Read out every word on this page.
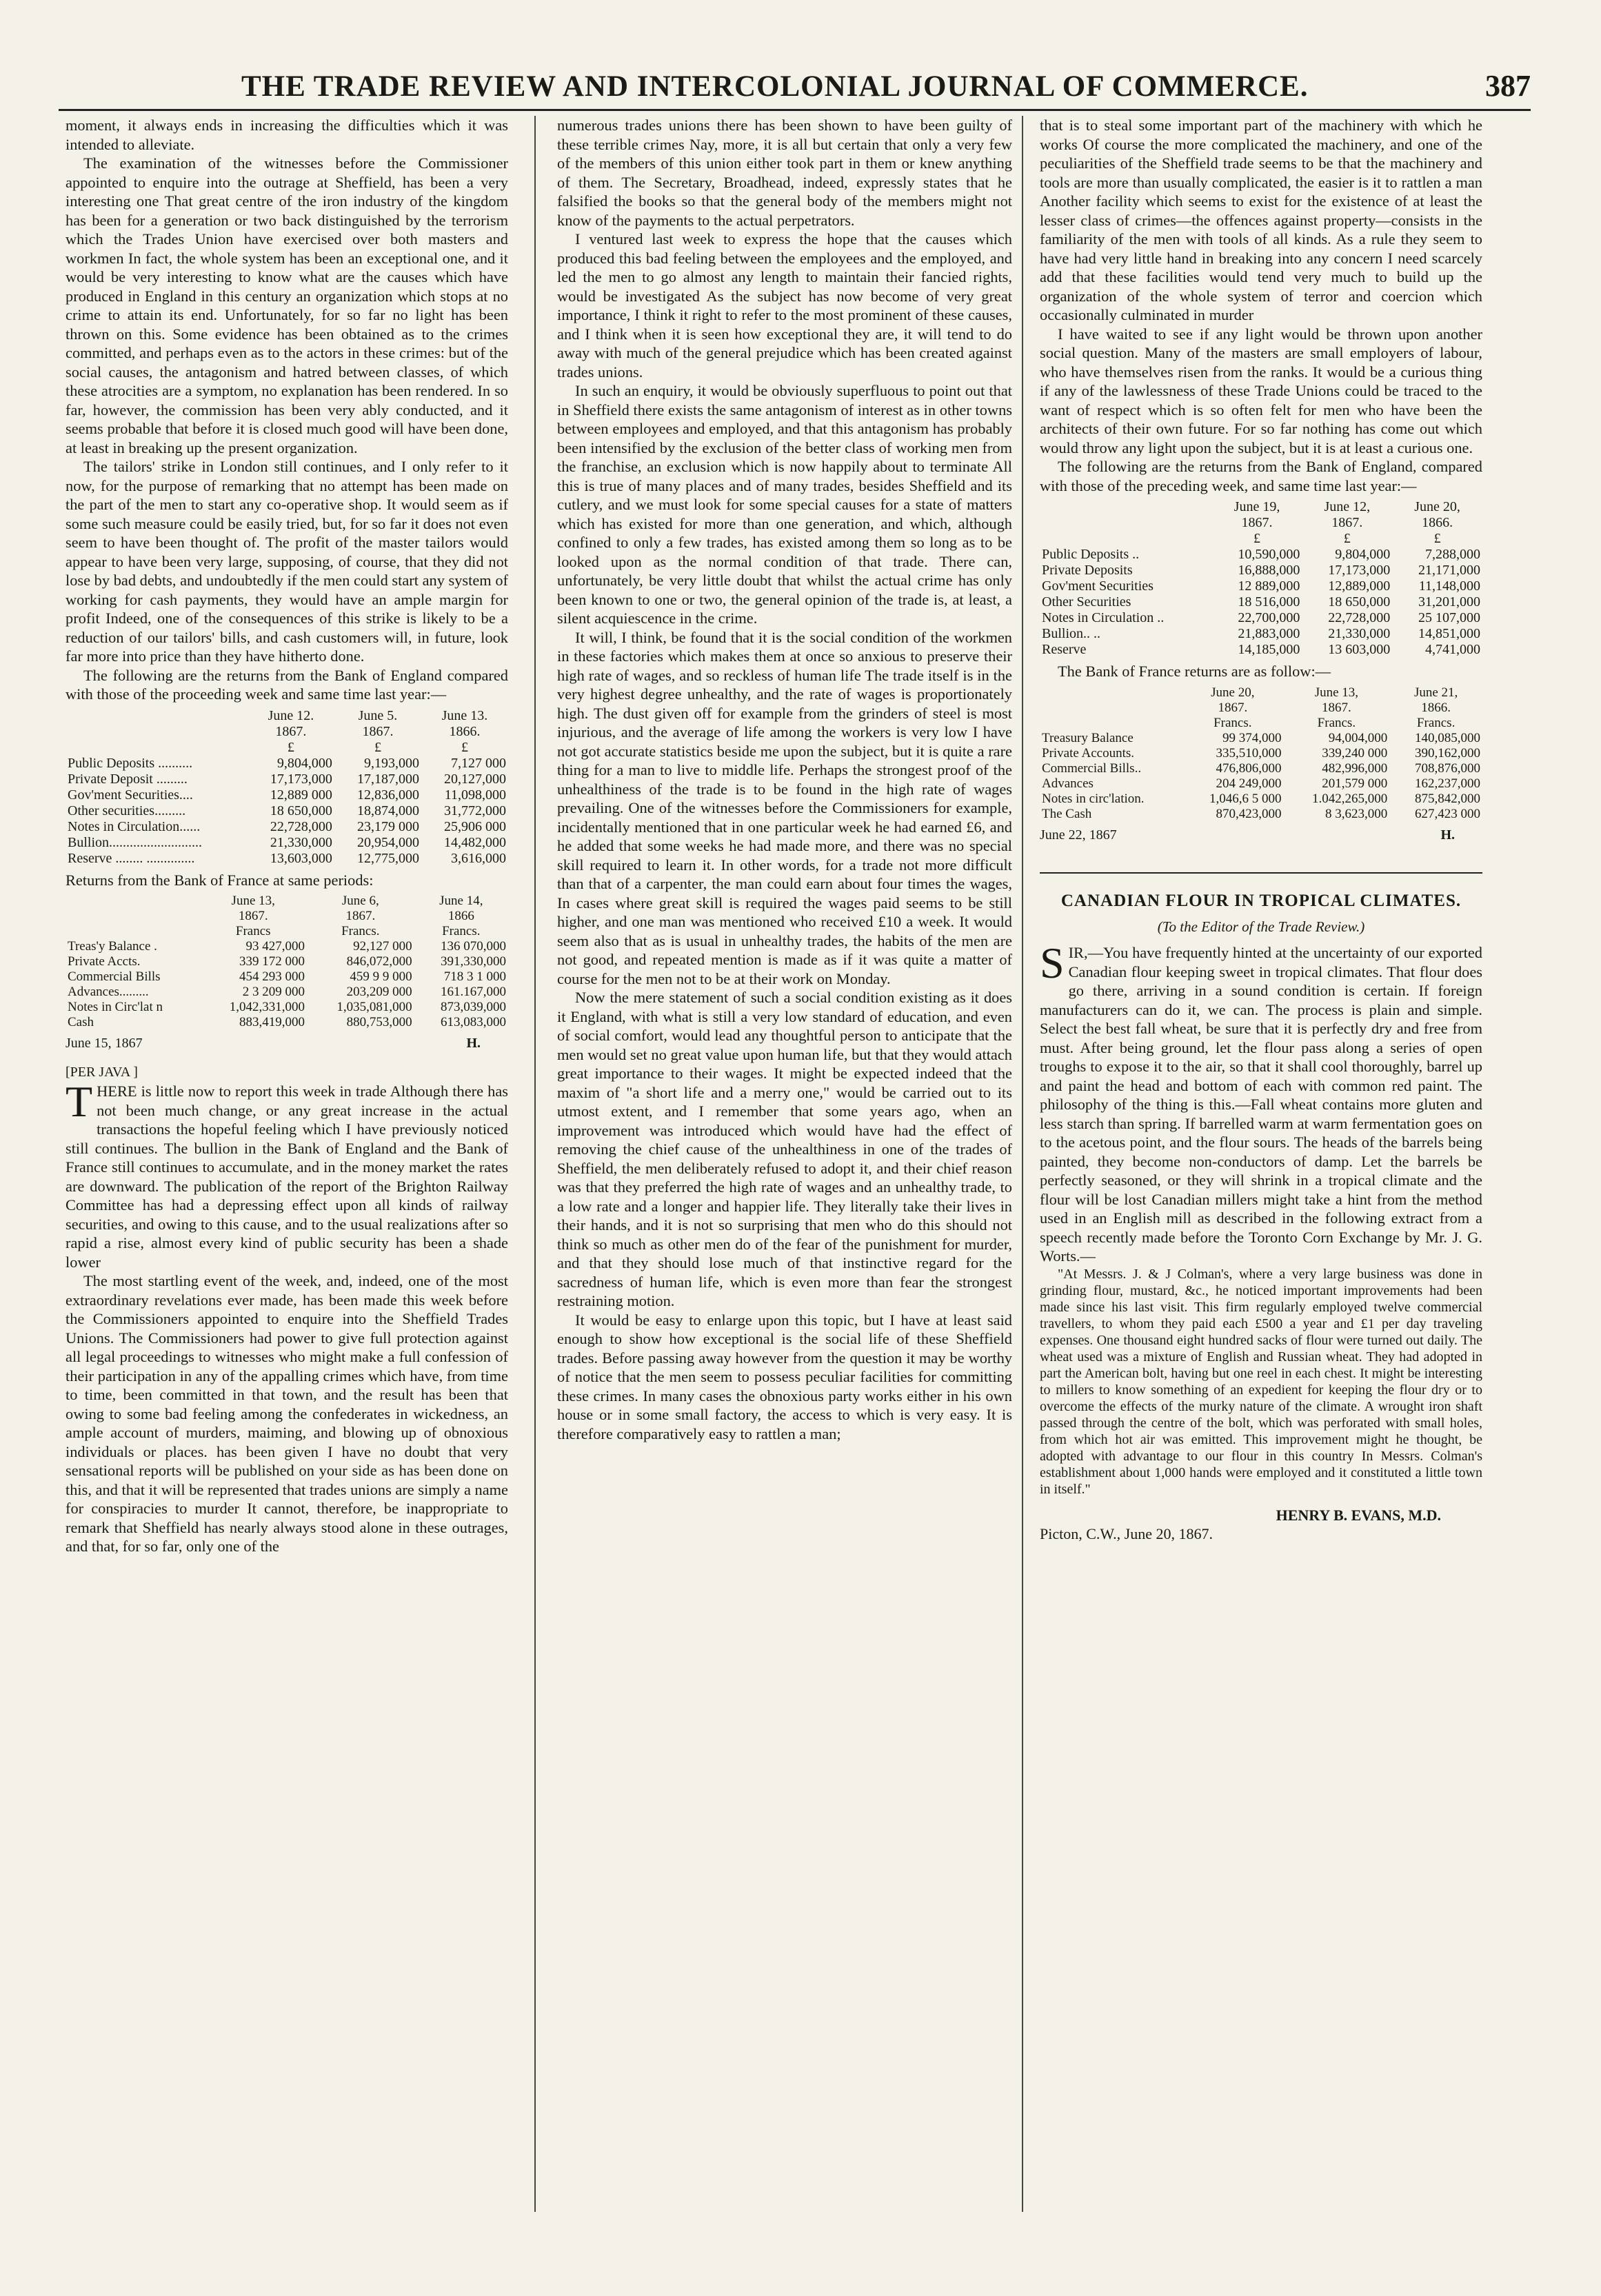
THE TRADE REVIEW AND INTERCOLONIAL JOURNAL OF COMMERCE.	387

moment, it always ends in increasing the difficulties which it was intended to alleviate.

The examination of the witnesses before the Commissioner appointed to enquire into the outrage at Sheffield, has been a very interesting one That great centre of the iron industry of the kingdom has been for a generation or two back distinguished by the terrorism which the Trades Union have exercised over both masters and workmen In fact, the whole system has been an exceptional one, and it would be very interesting to know what are the causes which have produced in England in this century an organization which stops at no crime to attain its end. Unfortunately, for so far no light has been thrown on this. Some evidence has been obtained as to the crimes committed, and perhaps even as to the actors in these crimes: but of the social causes, the antagonism and hatred between classes, of which these atrocities are a symptom, no explanation has been rendered. In so far, however, the commission has been very ably conducted, and it seems probable that before it is closed much good will have been done, at least in breaking up the present organization.

The tailors' strike in London still continues, and I only refer to it now, for the purpose of remarking that no attempt has been made on the part of the men to start any co-operative shop. It would seem as if some such measure could be easily tried, but, for so far it does not even seem to have been thought of. The profit of the master tailors would appear to have been very large, supposing, of course, that they did not lose by bad debts, and undoubtedly if the men could start any system of working for cash payments, they would have an ample margin for profit Indeed, one of the consequences of this strike is likely to be a reduction of our tailors' bills, and cash customers will, in future, look far more into price than they have hitherto done.

The following are the returns from the Bank of England compared with those of the proceeding week and same time last year:—

	June 12.	June 5.	June 13.
	1867.	1867.	1866.
	£	£	£
Public Deposits ..........	9,804,000	9,193,000	7,127 000
Private Deposit .........	17,173,000	17,187,000	20,127,000
Gov'ment Securities....	12,889 000	12,836,000	11,098,000
Other securities.........	18 650,000	18,874,000	31,772,000
Notes in Circulation......	22,728,000	23,179 000	25,906 000
Bullion...........................	21,330,000	20,954,000	14,482,000
Reserve ........ ..............	13,603,000	12,775,000	3,616,000

Returns from the Bank of France at same periods:

	June 13,	June 6,	June 14,
	1867.	1867.	1866
	Francs	Francs.	Francs.
Treas'y Balance .	93 427,000	92,127 000	136 070,000
Private Accts.	339 172 000	846,072,000	391,330,000
Commercial Bills	454 293 000	459 9 9 000	718 3 1 000
Advances.........	2 3 209 000	203,209 000	161.167,000
Notes in Circ'lat n	1,042,331,000	1,035,081,000	873,039,000
Cash	883,419,000	880,753,000	613,083,000
June 15, 1867	H.
[PER JAVA ]

THERE is little now to report this week in trade Although there has not been much change, or any great increase in the actual transactions the hopeful feeling which I have previously noticed still continues. The bullion in the Bank of England and the Bank of France still continues to accumulate, and in the money market the rates are downward. The publication of the report of the Brighton Railway Committee has had a depressing effect upon all kinds of railway securities, and owing to this cause, and to the usual realizations after so rapid a rise, almost every kind of public security has been a shade lower

The most startling event of the week, and, indeed, one of the most extraordinary revelations ever made, has been made this week before the Commissioners appointed to enquire into the Sheffield Trades Unions. The Commissioners had power to give full protection against all legal proceedings to witnesses who might make a full confession of their participation in any of the appalling crimes which have, from time to time, been committed in that town, and the result has been that owing to some bad feeling among the confederates in wickedness, an ample account of murders, maiming, and blowing up of obnoxious individuals or places. has been given I have no doubt that very sensational reports will be published on your side as has been done on this, and that it will be represented that trades unions are simply a name for conspiracies to murder It cannot, therefore, be inappropriate to remark that Sheffield has nearly always stood alone in these outrages, and that, for so far, only one of the

numerous trades unions there has been shown to have been guilty of these terrible crimes Nay, more, it is all but certain that only a very few of the members of this union either took part in them or knew anything of them. The Secretary, Broadhead, indeed, expressly states that he falsified the books so that the general body of the members might not know of the payments to the actual perpetrators.

I ventured last week to express the hope that the causes which produced this bad feeling between the employees and the employed, and led the men to go almost any length to maintain their fancied rights, would be investigated As the subject has now become of very great importance, I think it right to refer to the most prominent of these causes, and I think when it is seen how exceptional they are, it will tend to do away with much of the general prejudice which has been created against trades unions.

In such an enquiry, it would be obviously superfluous to point out that in Sheffield there exists the same antagonism of interest as in other towns between employees and employed, and that this antagonism has probably been intensified by the exclusion of the better class of working men from the franchise, an exclusion which is now happily about to terminate All this is true of many places and of many trades, besides Sheffield and its cutlery, and we must look for some special causes for a state of matters which has existed for more than one generation, and which, although confined to only a few trades, has existed among them so long as to be looked upon as the normal condition of that trade. There can, unfortunately, be very little doubt that whilst the actual crime has only been known to one or two, the general opinion of the trade is, at least, a silent acquiescence in the crime.

It will, I think, be found that it is the social condition of the workmen in these factories which makes them at once so anxious to preserve their high rate of wages, and so reckless of human life The trade itself is in the very highest degree unhealthy, and the rate of wages is proportionately high. The dust given off for example from the grinders of steel is most injurious, and the average of life among the workers is very low I have not got accurate statistics beside me upon the subject, but it is quite a rare thing for a man to live to middle life. Perhaps the strongest proof of the unhealthiness of the trade is to be found in the high rate of wages prevailing. One of the witnesses before the Commissioners for example, incidentally mentioned that in one particular week he had earned £6, and he added that some weeks he had made more, and there was no special skill required to learn it. In other words, for a trade not more difficult than that of a carpenter, the man could earn about four times the wages, In cases where great skill is required the wages paid seems to be still higher, and one man was mentioned who received £10 a week. It would seem also that as is usual in unhealthy trades, the habits of the men are not good, and repeated mention is made as if it was quite a matter of course for the men not to be at their work on Monday.

Now the mere statement of such a social condition existing as it does it England, with what is still a very low standard of education, and even of social comfort, would lead any thoughtful person to anticipate that the men would set no great value upon human life, but that they would attach great importance to their wages. It might be expected indeed that the maxim of "a short life and a merry one," would be carried out to its utmost extent, and I remember that some years ago, when an improvement was introduced which would have had the effect of removing the chief cause of the unhealthiness in one of the trades of Sheffield, the men deliberately refused to adopt it, and their chief reason was that they preferred the high rate of wages and an unhealthy trade, to a low rate and a longer and happier life. They literally take their lives in their hands, and it is not so surprising that men who do this should not think so much as other men do of the fear of the punishment for murder, and that they should lose much of that instinctive regard for the sacredness of human life, which is even more than fear the strongest restraining motion.

It would be easy to enlarge upon this topic, but I have at least said enough to show how exceptional is the social life of these Sheffield trades. Before passing away however from the question it may be worthy of notice that the men seem to possess peculiar facilities for committing these crimes. In many cases the obnoxious party works either in his own house or in some small factory, the access to which is very easy. It is therefore comparatively easy to rattlen a man;

that is to steal some important part of the machinery with which he works Of course the more complicated the machinery, and one of the peculiarities of the Sheffield trade seems to be that the machinery and tools are more than usually complicated, the easier is it to rattlen a man Another facility which seems to exist for the existence of at least the lesser class of crimes—the offences against property—consists in the familiarity of the men with tools of all kinds. As a rule they seem to have had very little hand in breaking into any concern I need scarcely add that these facilities would tend very much to build up the organization of the whole system of terror and coercion which occasionally culminated in murder

I have waited to see if any light would be thrown upon another social question. Many of the masters are small employers of labour, who have themselves risen from the ranks. It would be a curious thing if any of the lawlessness of these Trade Unions could be traced to the want of respect which is so often felt for men who have been the architects of their own future. For so far nothing has come out which would throw any light upon the subject, but it is at least a curious one.

The following are the returns from the Bank of England, compared with those of the preceding week, and same time last year:—

	June 19,	June 12,	June 20,
	1867.	1867.	1866.
	£	£	£
Public Deposits ..	10,590,000	9,804,000	7,288,000
Private Deposits	16,888,000	17,173,000	21,171,000
Gov'ment Securities	12 889,000	12,889,000	11,148,000
Other Securities	18 516,000	18 650,000	31,201,000
Notes in Circulation ..	22,700,000	22,728,000	25 107,000
Bullion.. ..	21,883,000	21,330,000	14,851,000
Reserve	14,185,000	13 603,000	4,741,000

The Bank of France returns are as follow:—

	June 20,	June 13,	June 21,
	1867.	1867.	1866.
	Francs.	Francs.	Francs.
Treasury Balance	99 374,000	94,004,000	140,085,000
Private Accounts.	335,510,000	339,240 000	390,162,000
Commercial Bills..	476,806,000	482,996,000	708,876,000
Advances	204 249,000	201,579 000	162,237,000
Notes in circ'lation.	1,046,6 5 000	1.042,265,000	875,842,000
The Cash	870,423,000	8 3,623,000	627,423 000
June 22, 1867	H.
CANADIAN FLOUR IN TROPICAL CLIMATES.
(To the Editor of the Trade Review.)

SIR,—You have frequently hinted at the uncertainty of our exported Canadian flour keeping sweet in tropical climates. That flour does go there, arriving in a sound condition is certain. If foreign manufacturers can do it, we can. The process is plain and simple. Select the best fall wheat, be sure that it is perfectly dry and free from must. After being ground, let the flour pass along a series of open troughs to expose it to the air, so that it shall cool thoroughly, barrel up and paint the head and bottom of each with common red paint. The philosophy of the thing is this.—Fall wheat contains more gluten and less starch than spring. If barrelled warm at warm fermentation goes on to the acetous point, and the flour sours. The heads of the barrels being painted, they become non-conductors of damp. Let the barrels be perfectly seasoned, or they will shrink in a tropical climate and the flour will be lost Canadian millers might take a hint from the method used in an English mill as described in the following extract from a speech recently made before the Toronto Corn Exchange by Mr. J. G. Worts.—

"At Messrs. J. & J Colman's, where a very large business was done in grinding flour, mustard, &c., he noticed important improvements had been made since his last visit. This firm regularly employed twelve commercial travellers, to whom they paid each £500 a year and £1 per day traveling expenses. One thousand eight hundred sacks of flour were turned out daily. The wheat used was a mixture of English and Russian wheat. They had adopted in part the American bolt, having but one reel in each chest. It might be interesting to millers to know something of an expedient for keeping the flour dry or to overcome the effects of the murky nature of the climate. A wrought iron shaft passed through the centre of the bolt, which was perforated with small holes, from which hot air was emitted. This improvement might he thought, be adopted with advantage to our flour in this country In Messrs. Colman's establishment about 1,000 hands were employed and it constituted a little town in itself."

HENRY B. EVANS, M.D.
Picton, C.W., June 20, 1867.
